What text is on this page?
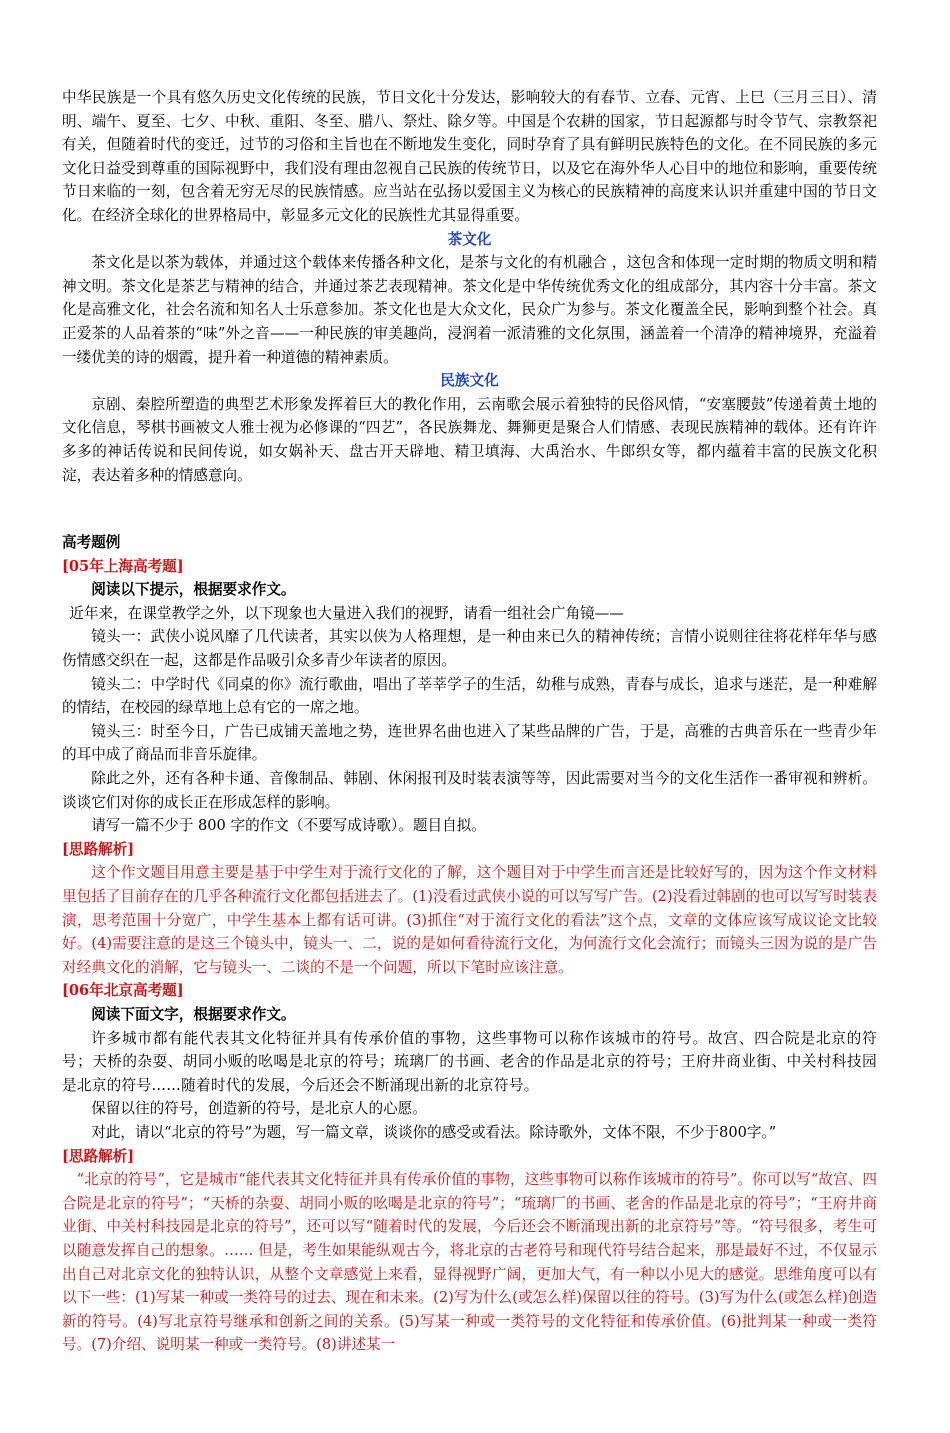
中华民族是一个具有悠久历史文化传统的民族，节日文化十分发达，影响较大的有春节、立春、元宵、上巳（三月三日）、清明、端午、夏至、七夕、中秋、重阳、冬至、腊八、祭灶、除夕等。中国是个农耕的国家，节日起源都与时令节气、宗教祭祀有关，但随着时代的变迁，过节的习俗和主旨也在不断地发生变化，同时孕育了具有鲜明民族特色的文化。在不同民族的多元文化日益受到尊重的国际视野中，我们没有理由忽视自己民族的传统节日，以及它在海外华人心目中的地位和影响，重要传统节日来临的一刻，包含着无穷无尽的民族情感。应当站在弘扬以爱国主义为核心的民族精神的高度来认识并重建中国的节日文化。在经济全球化的世界格局中，彰显多元文化的民族性尤其显得重要。

茶文化

茶文化是以茶为载体，并通过这个载体来传播各种文化，是茶与文化的有机融合 ，这包含和体现一定时期的物质文明和精神文明。茶文化是茶艺与精神的结合，并通过茶艺表现精神。茶文化是中华传统优秀文化的组成部分，其内容十分丰富。茶文化是高雅文化，社会名流和知名人士乐意参加。茶文化也是大众文化，民众广为参与。茶文化覆盖全民，影响到整个社会。真正爱茶的人品着茶的“味”外之音——一种民族的审美趣尚，浸润着一派清雅的文化氛围，涵盖着一个清净的精神境界，充溢着一缕优美的诗的烟霞，提升着一种道德的精神素质。

民族文化

京剧、秦腔所塑造的典型艺术形象发挥着巨大的教化作用，云南歌会展示着独特的民俗风情，“安塞腰鼓”传递着黄土地的文化信息，琴棋书画被文人雅士视为必修课的“四艺”，各民族舞龙、舞狮更是聚合人们情感、表现民族精神的载体。还有许许多多的神话传说和民间传说，如女娲补天、盘古开天辟地、精卫填海、大禹治水、牛郎织女等，都内蕴着丰富的民族文化积淀，表达着多种的情感意向。

高考题例

[05年上海高考题]

阅读以下提示，根据要求作文。

近年来，在课堂教学之外，以下现象也大量进入我们的视野，请看一组社会广角镜——

镜头一：武侠小说风靡了几代读者，其实以侠为人格理想，是一种由来已久的精神传统；言情小说则往往将花样年华与感伤情感交织在一起，这都是作品吸引众多青少年读者的原因。

镜头二：中学时代《同桌的你》流行歌曲，唱出了莘莘学子的生活，幼稚与成熟，青春与成长，追求与迷茫，是一种难解的情结，在校园的绿草地上总有它的一席之地。

镜头三：时至今日，广告已成铺天盖地之势，连世界名曲也进入了某些品牌的广告，于是，高雅的古典音乐在一些青少年的耳中成了商品而非音乐旋律。

除此之外，还有各种卡通、音像制品、韩剧、休闲报刊及时装表演等等，因此需要对当今的文化生活作一番审视和辨析。谈谈它们对你的成长正在形成怎样的影响。

请写一篇不少于 800 字的作文（不要写成诗歌）。题目自拟。

[思路解析]

这个作文题目用意主要是基于中学生对于流行文化的了解，这个题目对于中学生而言还是比较好写的，因为这个作文材料里包括了目前存在的几乎各种流行文化都包括进去了。(1)没看过武侠小说的可以写写广告。(2)没看过韩剧的也可以写写时装表演，思考范围十分宽广，中学生基本上都有话可讲。(3)抓住“对于流行文化的看法”这个点，文章的文体应该写成议论文比较好。(4)需要注意的是这三个镜头中，镜头一、二，说的是如何看待流行文化，为何流行文化会流行；而镜头三因为说的是广告对经典文化的消解，它与镜头一、二谈的不是一个问题，所以下笔时应该注意。

[06年北京高考题]

阅读下面文字，根据要求作文。

许多城市都有能代表其文化特征并具有传承价值的事物，这些事物可以称作该城市的符号。故宫、四合院是北京的符号；天桥的杂耍、胡同小贩的吆喝是北京的符号；琉璃厂的书画、老舍的作品是北京的符号；王府井商业街、中关村科技园是北京的符号……随着时代的发展，今后还会不断涌现出新的北京符号。

保留以往的符号，创造新的符号，是北京人的心愿。

对此，请以“北京的符号”为题，写一篇文章，谈谈你的感受或看法。除诗歌外，文体不限，不少于800字。”

[思路解析]

“北京的符号”，它是城市“能代表其文化特征并具有传承价值的事物，这些事物可以称作该城市的符号”。你可以写“故宫、四合院是北京的符号”；“天桥的杂耍、胡同小贩的吆喝是北京的符号”；“琉璃厂的书画、老舍的作品是北京的符号”；“王府井商业街、中关村科技园是北京的符号”，还可以写“随着时代的发展，今后还会不断涌现出新的北京符号”等。“符号很多，考生可以随意发挥自己的想象。…… 但是，考生如果能纵观古今，将北京的古老符号和现代符号结合起来，那是最好不过，不仅显示出自己对北京文化的独特认识，从整个文章感觉上来看，显得视野广阔，更加大气，有一种以小见大的感觉。思维角度可以有以下一些：(1)写某一种或一类符号的过去、现在和未来。(2)写为什么(或怎么样)保留以往的符号。(3)写为什么(或怎么样)创造新的符号。(4)写北京符号继承和创新之间的关系。(5)写某一种或一类符号的文化特征和传承价值。(6)批判某一种或一类符号。(7)介绍、说明某一种或一类符号。(8)讲述某一
